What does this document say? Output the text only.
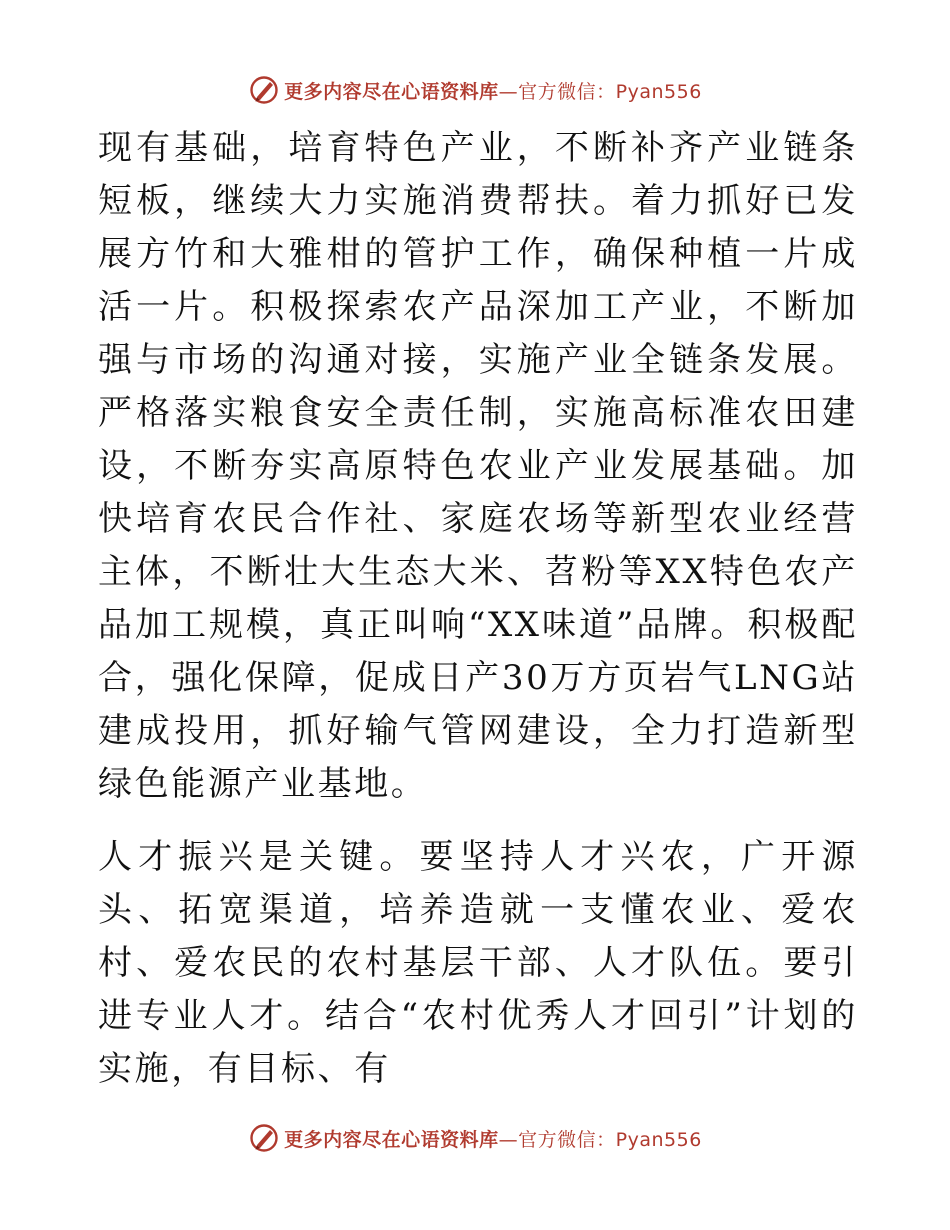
更多内容尽在心语资料库 —官方微信：Pyan556

现有基础，培育特色产业，不断补齐产业链条短板，继续大力实施消费帮扶。着力抓好已发展方竹和大雅柑的管护工作，确保种植一片成活一片。积极探索农产品深加工产业，不断加强与市场的沟通对接，实施产业全链条发展。严格落实粮食安全责任制，实施高标准农田建设，不断夯实高原特色农业产业发展基础。加快培育农民合作社、家庭农场等新型农业经营主体，不断壮大生态大米、苕粉等XX特色农产品加工规模，真正叫响“XX味道”品牌。积极配合，强化保障，促成日产30万方页岩气LNG站建成投用，抓好输气管网建设，全力打造新型绿色能源产业基地。

人才振兴是关键。要坚持人才兴农，广开源头、拓宽渠道，培养造就一支懂农业、爱农村、爱农民的农村基层干部、人才队伍。要引进专业人才。结合“农村优秀人才回引”计划的实施，有目标、有

更多内容尽在心语资料库 —官方微信：Pyan556
